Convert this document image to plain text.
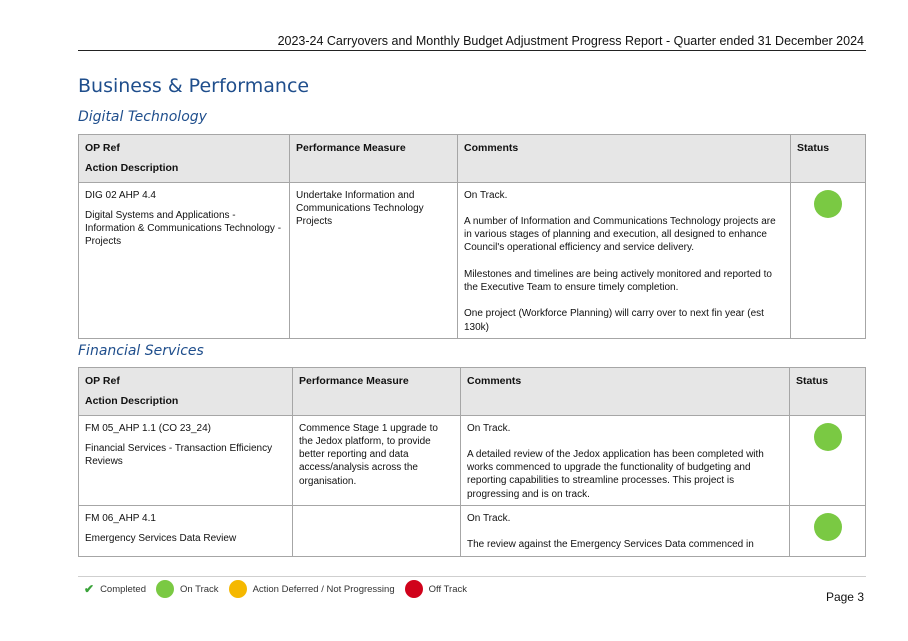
2023-24 Carryovers and Monthly Budget Adjustment Progress Report - Quarter ended 31 December 2024
Business & Performance
Digital Technology
OP Ref
Action Description	Performance Measure	Comments	Status

DIG 02 AHP 4.4
Digital Systems and Applications - Information & Communications Technology - Projects	Undertake Information and Communications Technology Projects	On Track.
A number of Information and Communications Technology projects are in various stages of planning and execution, all designed to enhance Council's operational efficiency and service delivery.
Milestones and timelines are being actively monitored and reported to the Executive Team to ensure timely completion.
One project (Workforce Planning) will carry over to next fin year (est 130k)	

Financial Services
OP Ref
Action Description	Performance Measure	Comments	Status

FM 05_AHP 1.1 (CO 23_24)
Financial Services - Transaction Efficiency Reviews	Commence Stage 1 upgrade to the Jedox platform, to provide better reporting and data access/analysis across the organisation.	On Track.
A detailed review of the Jedox application has been completed with works commenced to upgrade the functionality of budgeting and reporting capabilities to streamline processes. This project is progressing and is on track.	

FM 06_AHP 4.1
Emergency Services Data Review		On Track.
The review against the Emergency Services Data commenced in	

✔ Completed	On Track	Action Deferred / Not Progressing	Off Track
Page 3
